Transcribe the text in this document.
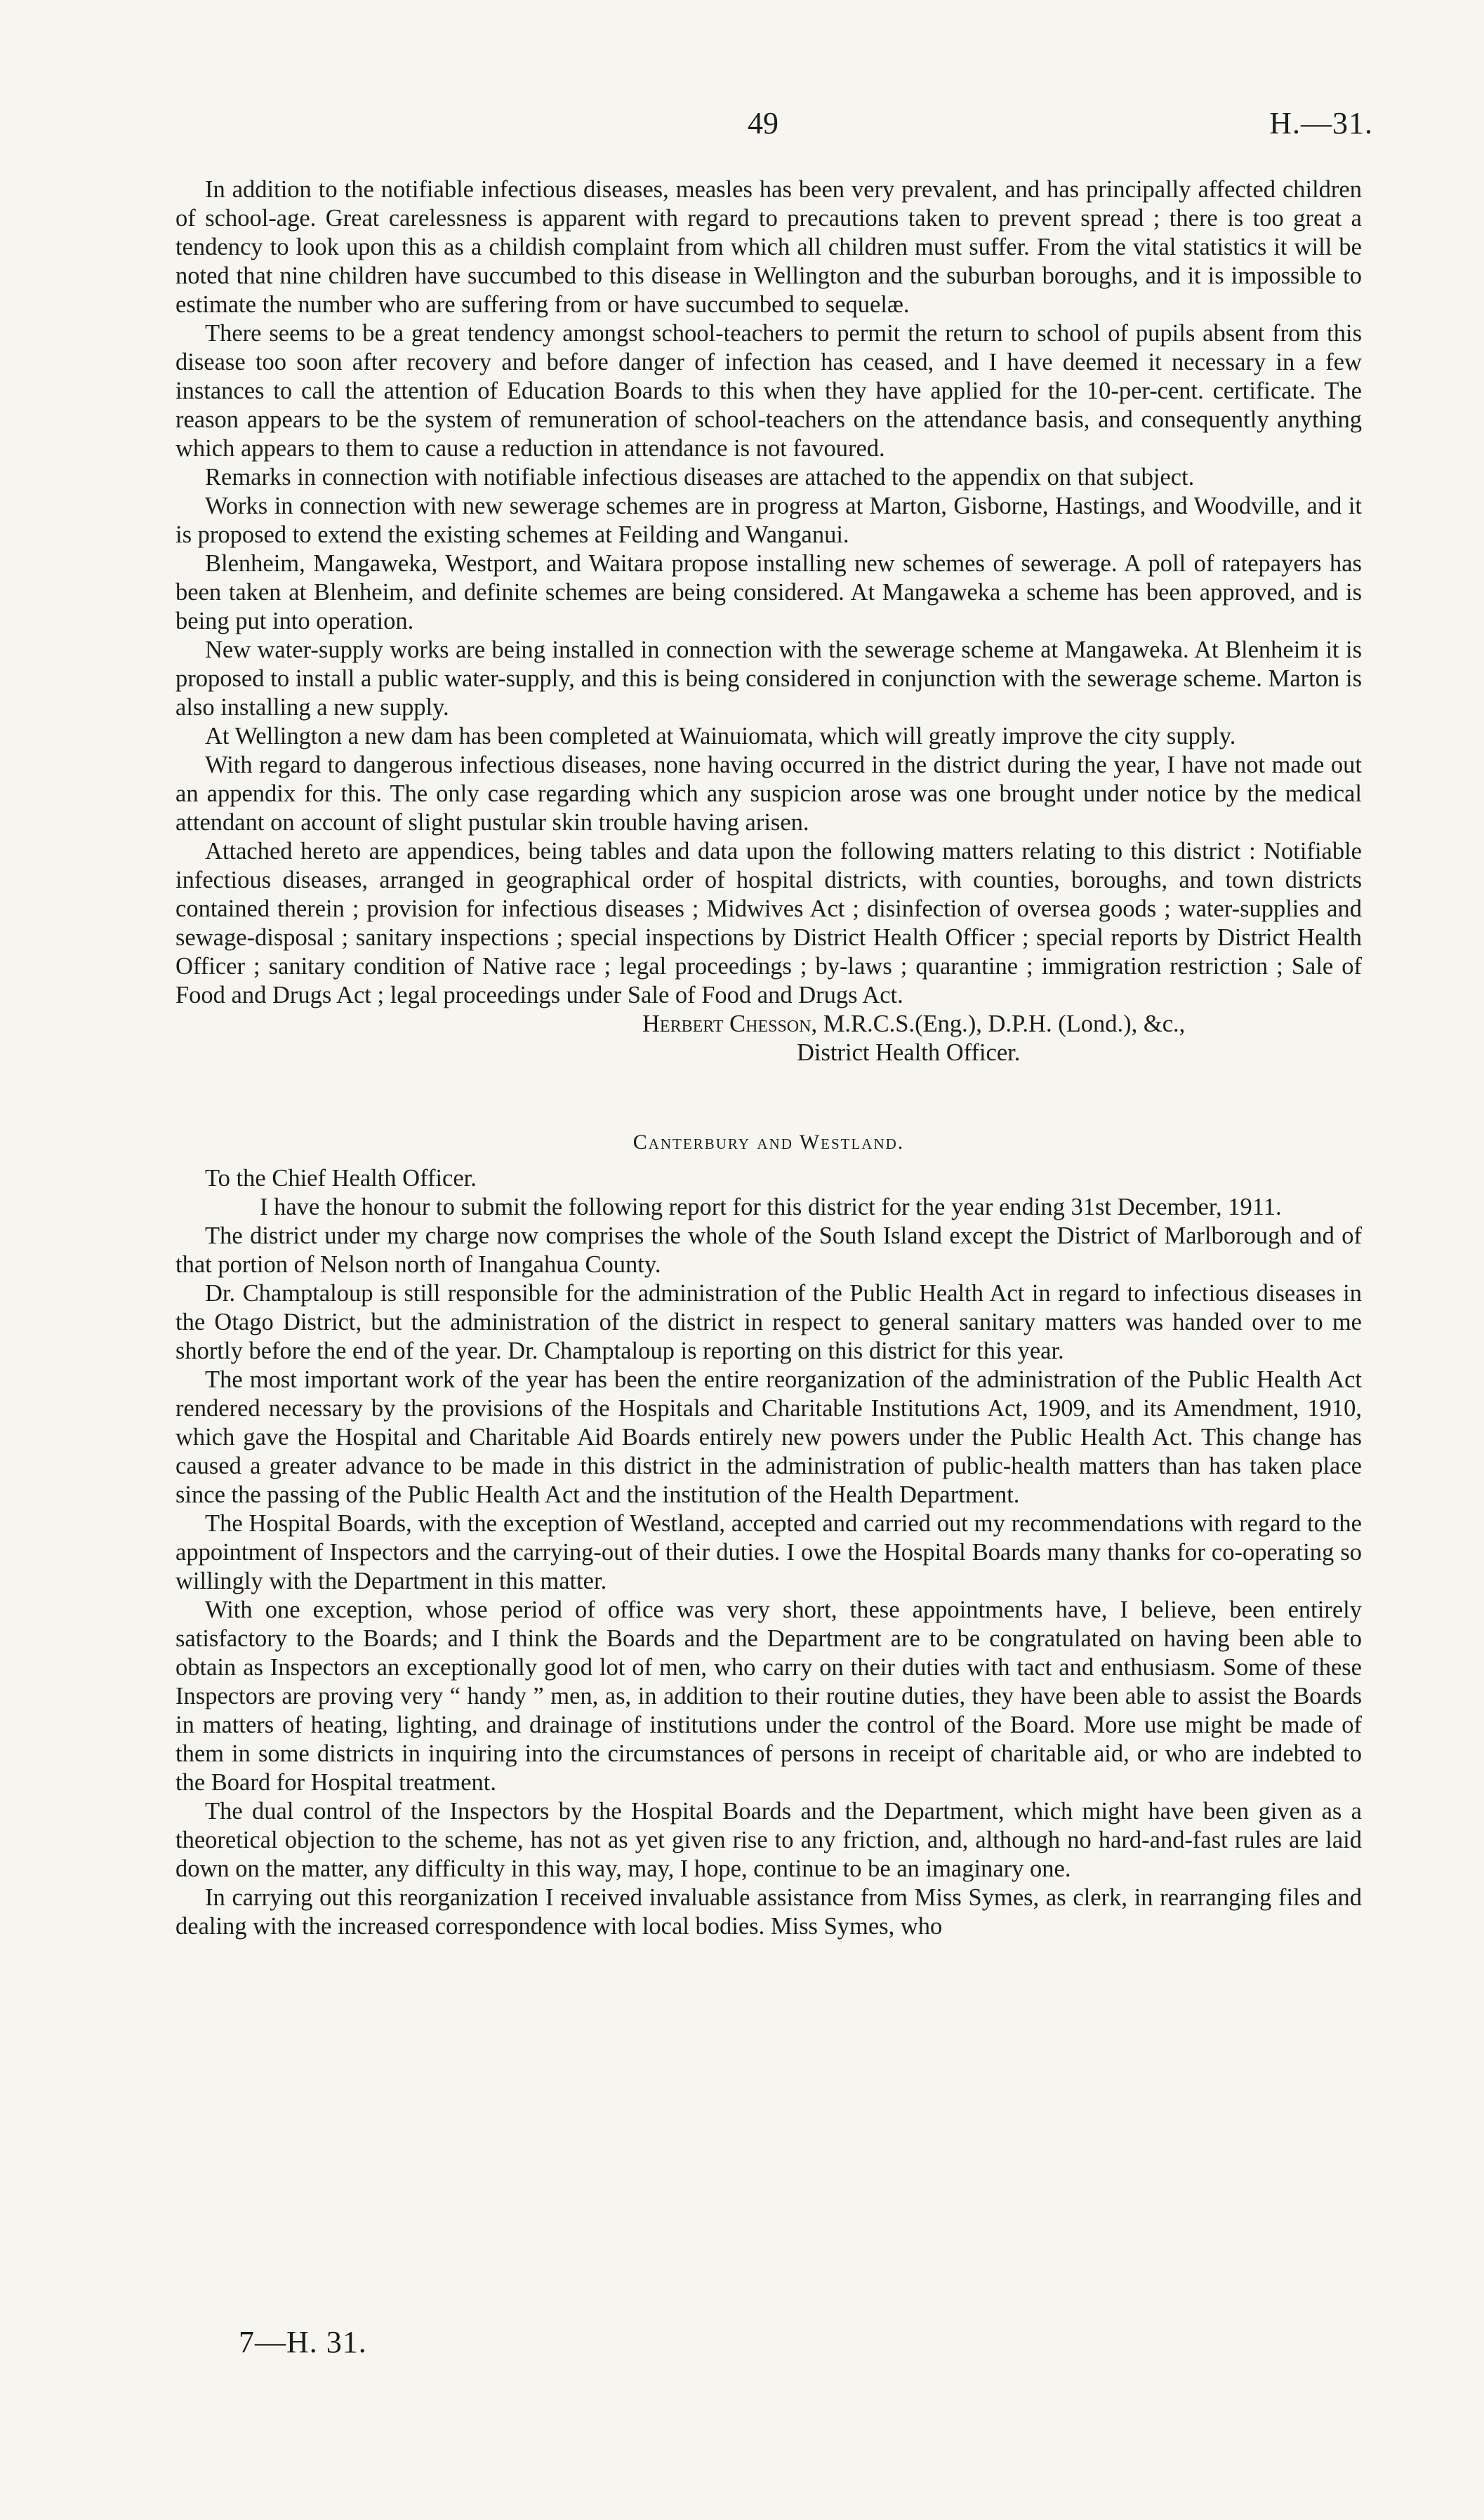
49	H.—31.

In addition to the notifiable infectious diseases, measles has been very prevalent, and has principally affected children of school-age. Great carelessness is apparent with regard to precautions taken to prevent spread ; there is too great a tendency to look upon this as a childish complaint from which all children must suffer. From the vital statistics it will be noted that nine children have succumbed to this disease in Wellington and the suburban boroughs, and it is impossible to estimate the number who are suffering from or have succumbed to sequelæ.

There seems to be a great tendency amongst school-teachers to permit the return to school of pupils absent from this disease too soon after recovery and before danger of infection has ceased, and I have deemed it necessary in a few instances to call the attention of Education Boards to this when they have applied for the 10-per-cent. certificate. The reason appears to be the system of remuneration of school-teachers on the attendance basis, and consequently anything which appears to them to cause a reduction in attendance is not favoured.

Remarks in connection with notifiable infectious diseases are attached to the appendix on that subject.

Works in connection with new sewerage schemes are in progress at Marton, Gisborne, Hastings, and Woodville, and it is proposed to extend the existing schemes at Feilding and Wanganui.

Blenheim, Mangaweka, Westport, and Waitara propose installing new schemes of sewerage. A poll of ratepayers has been taken at Blenheim, and definite schemes are being considered. At Mangaweka a scheme has been approved, and is being put into operation.

New water-supply works are being installed in connection with the sewerage scheme at Mangaweka. At Blenheim it is proposed to install a public water-supply, and this is being considered in conjunction with the sewerage scheme. Marton is also installing a new supply.

At Wellington a new dam has been completed at Wainuiomata, which will greatly improve the city supply.

With regard to dangerous infectious diseases, none having occurred in the district during the year, I have not made out an appendix for this. The only case regarding which any suspicion arose was one brought under notice by the medical attendant on account of slight pustular skin trouble having arisen.

Attached hereto are appendices, being tables and data upon the following matters relating to this district : Notifiable infectious diseases, arranged in geographical order of hospital districts, with counties, boroughs, and town districts contained therein ; provision for infectious diseases ; Midwives Act ; disinfection of oversea goods ; water-supplies and sewage-disposal ; sanitary inspections ; special inspections by District Health Officer ; special reports by District Health Officer ; sanitary condition of Native race ; legal proceedings ; by-laws ; quarantine ; immigration restriction ; Sale of Food and Drugs Act ; legal proceedings under Sale of Food and Drugs Act.

Herbert Chesson, M.R.C.S.(Eng.), D.P.H. (Lond.), &c.,
District Health Officer.
Canterbury and Westland.

To the Chief Health Officer.

I have the honour to submit the following report for this district for the year ending 31st December, 1911.

The district under my charge now comprises the whole of the South Island except the District of Marlborough and of that portion of Nelson north of Inangahua County.

Dr. Champtaloup is still responsible for the administration of the Public Health Act in regard to infectious diseases in the Otago District, but the administration of the district in respect to general sanitary matters was handed over to me shortly before the end of the year. Dr. Champtaloup is reporting on this district for this year.

The most important work of the year has been the entire reorganization of the administration of the Public Health Act rendered necessary by the provisions of the Hospitals and Charitable Institutions Act, 1909, and its Amendment, 1910, which gave the Hospital and Charitable Aid Boards entirely new powers under the Public Health Act. This change has caused a greater advance to be made in this district in the administration of public-health matters than has taken place since the passing of the Public Health Act and the institution of the Health Department.

The Hospital Boards, with the exception of Westland, accepted and carried out my recommendations with regard to the appointment of Inspectors and the carrying-out of their duties. I owe the Hospital Boards many thanks for co-operating so willingly with the Department in this matter.

With one exception, whose period of office was very short, these appointments have, I believe, been entirely satisfactory to the Boards; and I think the Boards and the Department are to be congratulated on having been able to obtain as Inspectors an exceptionally good lot of men, who carry on their duties with tact and enthusiasm. Some of these Inspectors are proving very “ handy ” men, as, in addition to their routine duties, they have been able to assist the Boards in matters of heating, lighting, and drainage of institutions under the control of the Board. More use might be made of them in some districts in inquiring into the circumstances of persons in receipt of charitable aid, or who are indebted to the Board for Hospital treatment.

The dual control of the Inspectors by the Hospital Boards and the Department, which might have been given as a theoretical objection to the scheme, has not as yet given rise to any friction, and, although no hard-and-fast rules are laid down on the matter, any difficulty in this way, may, I hope, continue to be an imaginary one.

In carrying out this reorganization I received invaluable assistance from Miss Symes, as clerk, in rearranging files and dealing with the increased correspondence with local bodies. Miss Symes, who

7—H. 31.
